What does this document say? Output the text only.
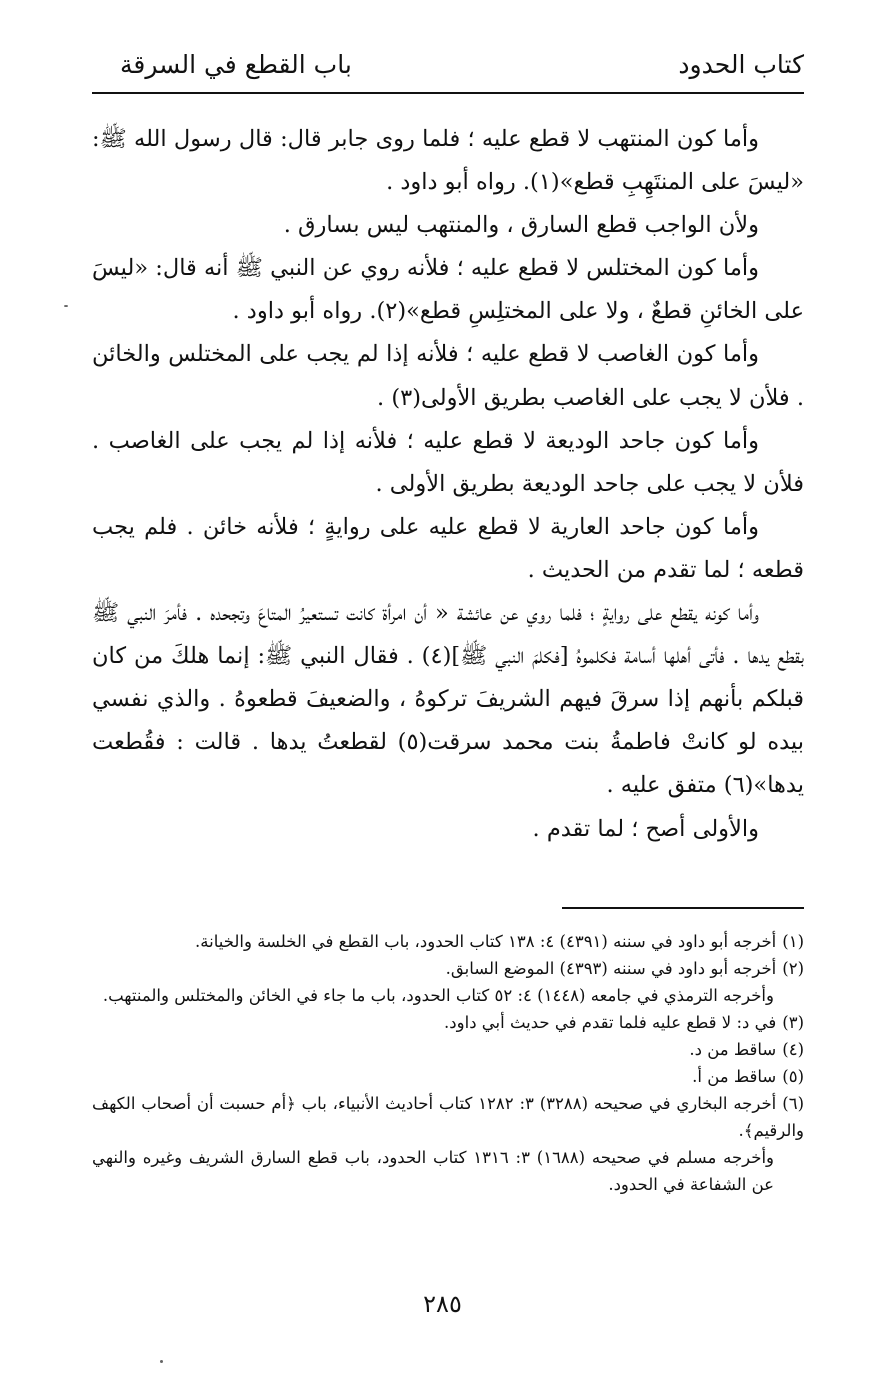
كتاب الحدود
باب القطع في السرقة

وأما كون المنتهب لا قطع عليه ؛ فلما روى جابر قال: قال رسول الله ﷺ: «ليسَ على المنتَهِبِ قطع»(١). رواه أبو داود .

ولأن الواجب قطع السارق ، والمنتهب ليس بسارق .

وأما كون المختلس لا قطع عليه ؛ فلأنه روي عن النبي ﷺ أنه قال: «ليسَ على الخائنِ قطعٌ ، ولا على المختلِسِ قطع»(٢). رواه أبو داود .

وأما كون الغاصب لا قطع عليه ؛ فلأنه إذا لم يجب على المختلس والخائن . فلأن لا يجب على الغاصب بطريق الأولى(٣) .

وأما كون جاحد الوديعة لا قطع عليه ؛ فلأنه إذا لم يجب على الغاصب . فلأن لا يجب على جاحد الوديعة بطريق الأولى .

وأما كون جاحد العارية لا قطع عليه على روايةٍ ؛ فلأنه خائن . فلم يجب قطعه ؛ لما تقدم من الحديث .

وأما كونه يقطع على روايةٍ ؛ فلما روي عن عائشة « أن امرأة كانت تستعيرُ المتاعَ وتجحده . فأمرَ النبي ﷺ بقطع يدها . فأتى أهلها أسامة فكلموهُ [فكلمَ النبي ﷺ](٤) . فقال النبي ﷺ: إنما هلكَ من كان قبلكم بأنهم إذا سرقَ فيهم الشريفَ تركوهُ ، والضعيفَ قطعوهُ . والذي نفسي بيده لو كانتْ فاطمةُ بنت محمد سرقت(٥) لقطعتُ يدها . قالت : فقُطعت يدها»(٦) متفق عليه .

والأولى أصح ؛ لما تقدم .

(١)أخرجه أبو داود في سننه (٤٣٩١) ٤: ١٣٨ كتاب الحدود، باب القطع في الخلسة والخيانة.

(٢)أخرجه أبو داود في سننه (٤٣٩٣) الموضع السابق.

وأخرجه الترمذي في جامعه (١٤٤٨) ٤: ٥٢ كتاب الحدود، باب ما جاء في الخائن والمختلس والمنتهب.

(٣)في د: لا قطع عليه فلما تقدم في حديث أبي داود.

(٤)ساقط من د.

(٥)ساقط من أ.

(٦)أخرجه البخاري في صحيحه (٣٢٨٨) ٣: ١٢٨٢ كتاب أحاديث الأنبياء، باب ﴿أم حسبت أن أصحاب الكهف والرقيم﴾.

وأخرجه مسلم في صحيحه (١٦٨٨) ٣: ١٣١٦ كتاب الحدود، باب قطع السارق الشريف وغيره والنهي عن الشفاعة في الحدود.

٢٨٥
